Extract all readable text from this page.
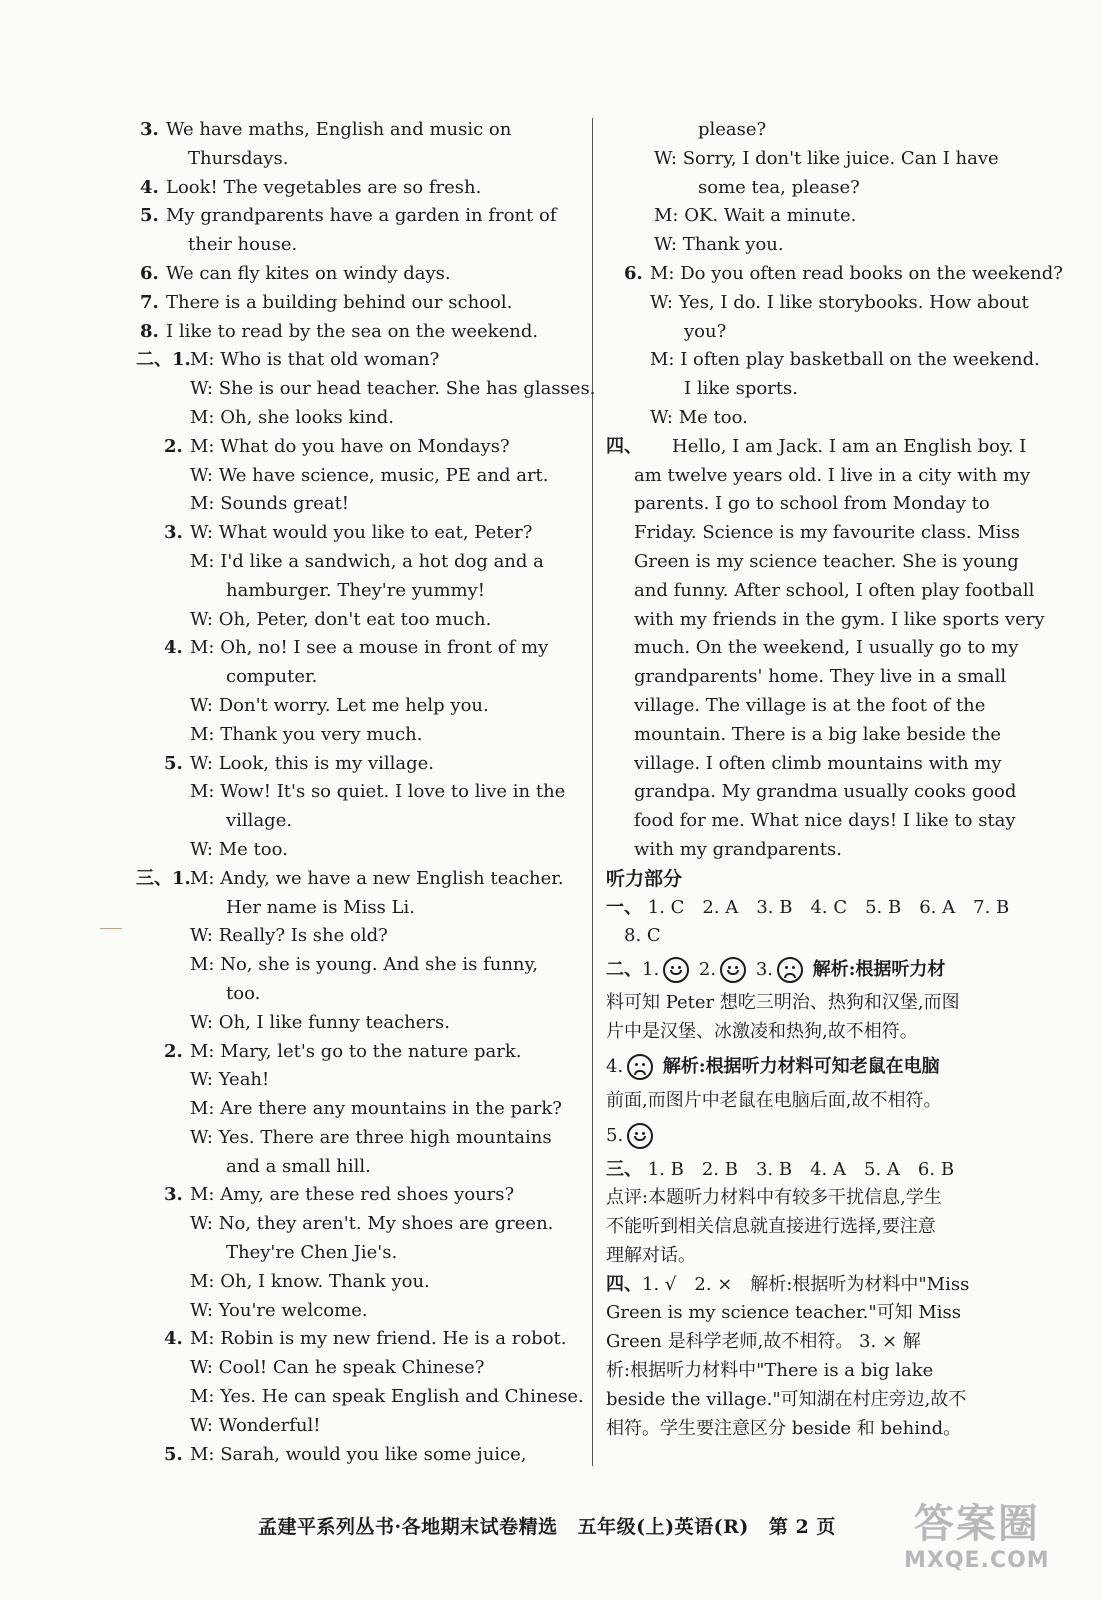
3. We have maths, English and music on
Thursdays.
4. Look! The vegetables are so fresh.
5. My grandparents have a garden in front of
their house.
6. We can fly kites on windy days.
7. There is a building behind our school.
8. I like to read by the sea on the weekend.
二、1. M: Who is that old woman?
W: She is our head teacher. She has glasses.
M: Oh, she looks kind.
2. M: What do you have on Mondays?
W: We have science, music, PE and art.
M: Sounds great!
3. W: What would you like to eat, Peter?
M: I'd like a sandwich, a hot dog and a
hamburger. They're yummy!
W: Oh, Peter, don't eat too much.
4. M: Oh, no! I see a mouse in front of my
computer.
W: Don't worry. Let me help you.
M: Thank you very much.
5. W: Look, this is my village.
M: Wow! It's so quiet. I love to live in the
village.
W: Me too.
三、1. M: Andy, we have a new English teacher.
Her name is Miss Li.
W: Really? Is she old?
M: No, she is young. And she is funny,
too.
W: Oh, I like funny teachers.
2. M: Mary, let's go to the nature park.
W: Yeah!
M: Are there any mountains in the park?
W: Yes. There are three high mountains
and a small hill.
3. M: Amy, are these red shoes yours?
W: No, they aren't. My shoes are green.
They're Chen Jie's.
M: Oh, I know. Thank you.
W: You're welcome.
4. M: Robin is my new friend. He is a robot.
W: Cool! Can he speak Chinese?
M: Yes. He can speak English and Chinese.
W: Wonderful!
5. M: Sarah, would you like some juice,
please?
W: Sorry, I don't like juice. Can I have
some tea, please?
M: OK. Wait a minute.
W: Thank you.
6. M: Do you often read books on the weekend?
W: Yes, I do. I like storybooks. How about
you?
M: I often play basketball on the weekend.
I like sports.
W: Me too.
四、 Hello, I am Jack. I am an English boy. I
am twelve years old. I live in a city with my
parents. I go to school from Monday to
Friday. Science is my favourite class. Miss
Green is my science teacher. She is young
and funny. After school, I often play football
with my friends in the gym. I like sports very
much. On the weekend, I usually go to my
grandparents' home. They live in a small
village. The village is at the foot of the
mountain. There is a big lake beside the
village. I often climb mountains with my
grandpa. My grandma usually cooks good
food for me. What nice days! I like to stay
with my grandparents.
听力部分
一、 1. C 2. A 3. B 4. C 5. B 6. A 7. B
8. C
二、1. 2. 3. 解析:根据听力材
料可知 Peter 想吃三明治、热狗和汉堡,而图
片中是汉堡、冰激凌和热狗,故不相符。
4. 解析:根据听力材料可知老鼠在电脑
前面,而图片中老鼠在电脑后面,故不相符。
5.
三、 1. B 2. B 3. B 4. A 5. A 6. B
点评:本题听力材料中有较多干扰信息,学生
不能听到相关信息就直接进行选择,要注意
理解对话。
四、1. √　2. ×　解析:根据听为材料中"Miss
Green is my science teacher."可知 Miss
Green 是科学老师,故不相符。 3. × 解
析:根据听力材料中"There is a big lake
beside the village."可知湖在村庄旁边,故不
相符。学生要注意区分 beside 和 behind。
孟建平系列丛书·各地期末试卷精选 五年级(上)英语(R) 第 2 页 答案圈
MXQE.COM
